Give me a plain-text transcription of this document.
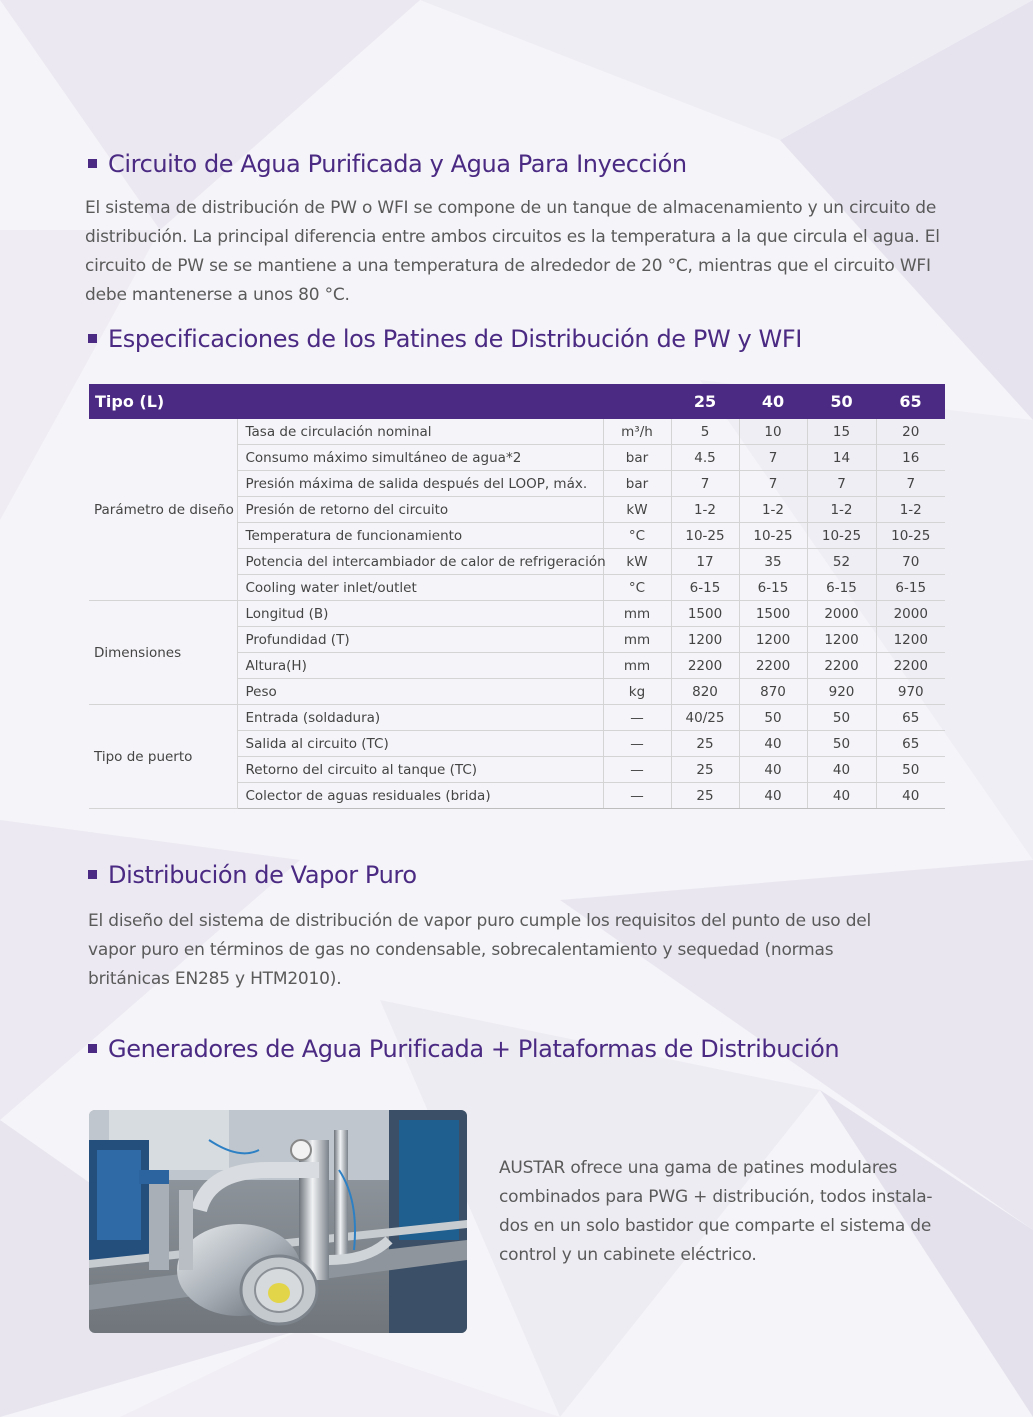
Circuito de Agua Purificada y Agua Para Inyección
El sistema de distribución de PW o WFI se compone de un tanque de almacenamiento y un circuito de
distribución. La principal diferencia entre ambos circuitos es la temperatura a la que circula el agua. El
circuito de PW se se mantiene a una temperatura de alrededor de 20 °C, mientras que el circuito WFI
debe mantenerse a unos 80 °C.
Especificaciones de los Patines de Distribución de PW y WFI
Tipo (L)			25	40	50	65
Parámetro de diseño	Tasa de circulación nominal	m³/h	5	10	15	20
	Consumo máximo simultáneo de agua*2	bar	4.5	7	14	16
	Presión máxima de salida después del LOOP, máx.	bar	7	7	7	7
	Presión de retorno del circuito	kW	1-2	1-2	1-2	1-2
	Temperatura de funcionamiento	°C	10-25	10-25	10-25	10-25
	Potencia del intercambiador de calor de refrigeración	kW	17	35	52	70
	Cooling water inlet/outlet	°C	6-15	6-15	6-15	6-15
Dimensiones	Longitud (B)	mm	1500	1500	2000	2000
	Profundidad (T)	mm	1200	1200	1200	1200
	Altura(H)	mm	2200	2200	2200	2200
	Peso	kg	820	870	920	970
Tipo de puerto	Entrada (soldadura)	—	40/25	50	50	65
	Salida al circuito (TC)	—	25	40	50	65
	Retorno del circuito al tanque (TC)	—	25	40	40	50
	Colector de aguas residuales (brida)	—	25	40	40	40
Distribución de Vapor Puro
El diseño del sistema de distribución de vapor puro cumple los requisitos del punto de uso del
vapor puro en términos de gas no condensable, sobrecalentamiento y sequedad (normas
británicas EN285 y HTM2010).
Generadores de Agua Purificada + Plataformas de Distribución
AUSTAR ofrece una gama de patines modulares
combinados para PWG + distribución, todos instala-
dos en un solo bastidor que comparte el sistema de
control y un cabinete eléctrico.
